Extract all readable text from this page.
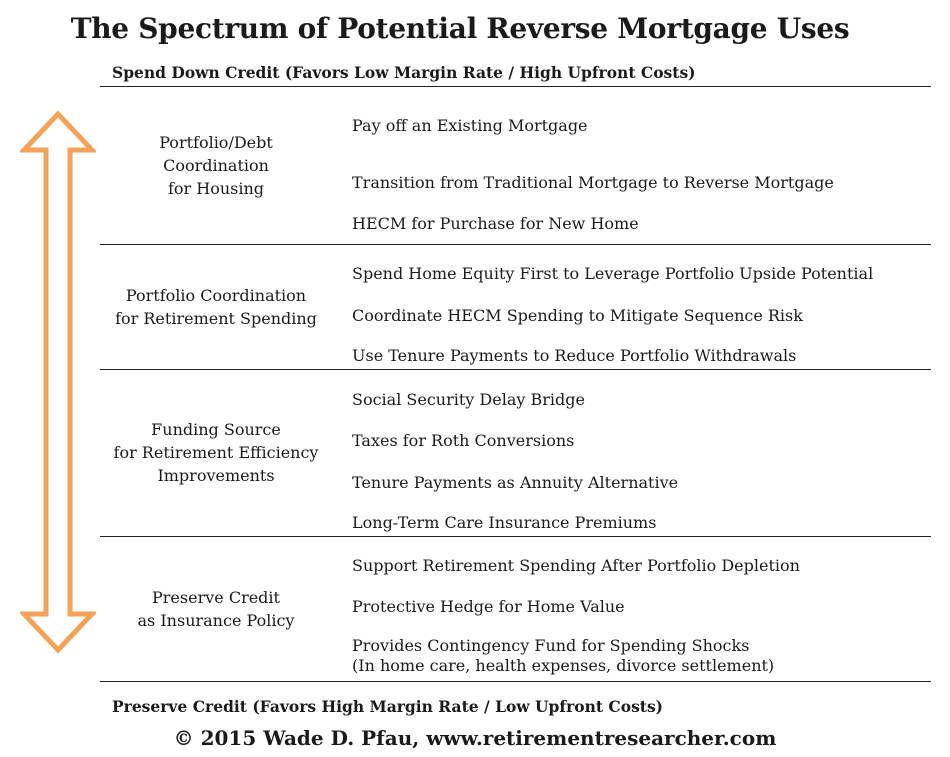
The Spectrum of Potential Reverse Mortgage Uses
Spend Down Credit (Favors Low Margin Rate / High Upfront Costs)
Portfolio/Debt
Coordination
for Housing
Pay off an Existing Mortgage
Transition from Traditional Mortgage to Reverse Mortgage
HECM for Purchase for New Home
Portfolio Coordination
for Retirement Spending
Spend Home Equity First to Leverage Portfolio Upside Potential
Coordinate HECM Spending to Mitigate Sequence Risk
Use Tenure Payments to Reduce Portfolio Withdrawals
Funding Source
for Retirement Efficiency
Improvements
Social Security Delay Bridge
Taxes for Roth Conversions
Tenure Payments as Annuity Alternative
Long-Term Care Insurance Premiums
Preserve Credit
as Insurance Policy
Support Retirement Spending After Portfolio Depletion
Protective Hedge for Home Value
Provides Contingency Fund for Spending Shocks
(In home care, health expenses, divorce settlement)
Preserve Credit (Favors High Margin Rate / Low Upfront Costs)
© 2015 Wade D. Pfau, www.retirementresearcher.com
